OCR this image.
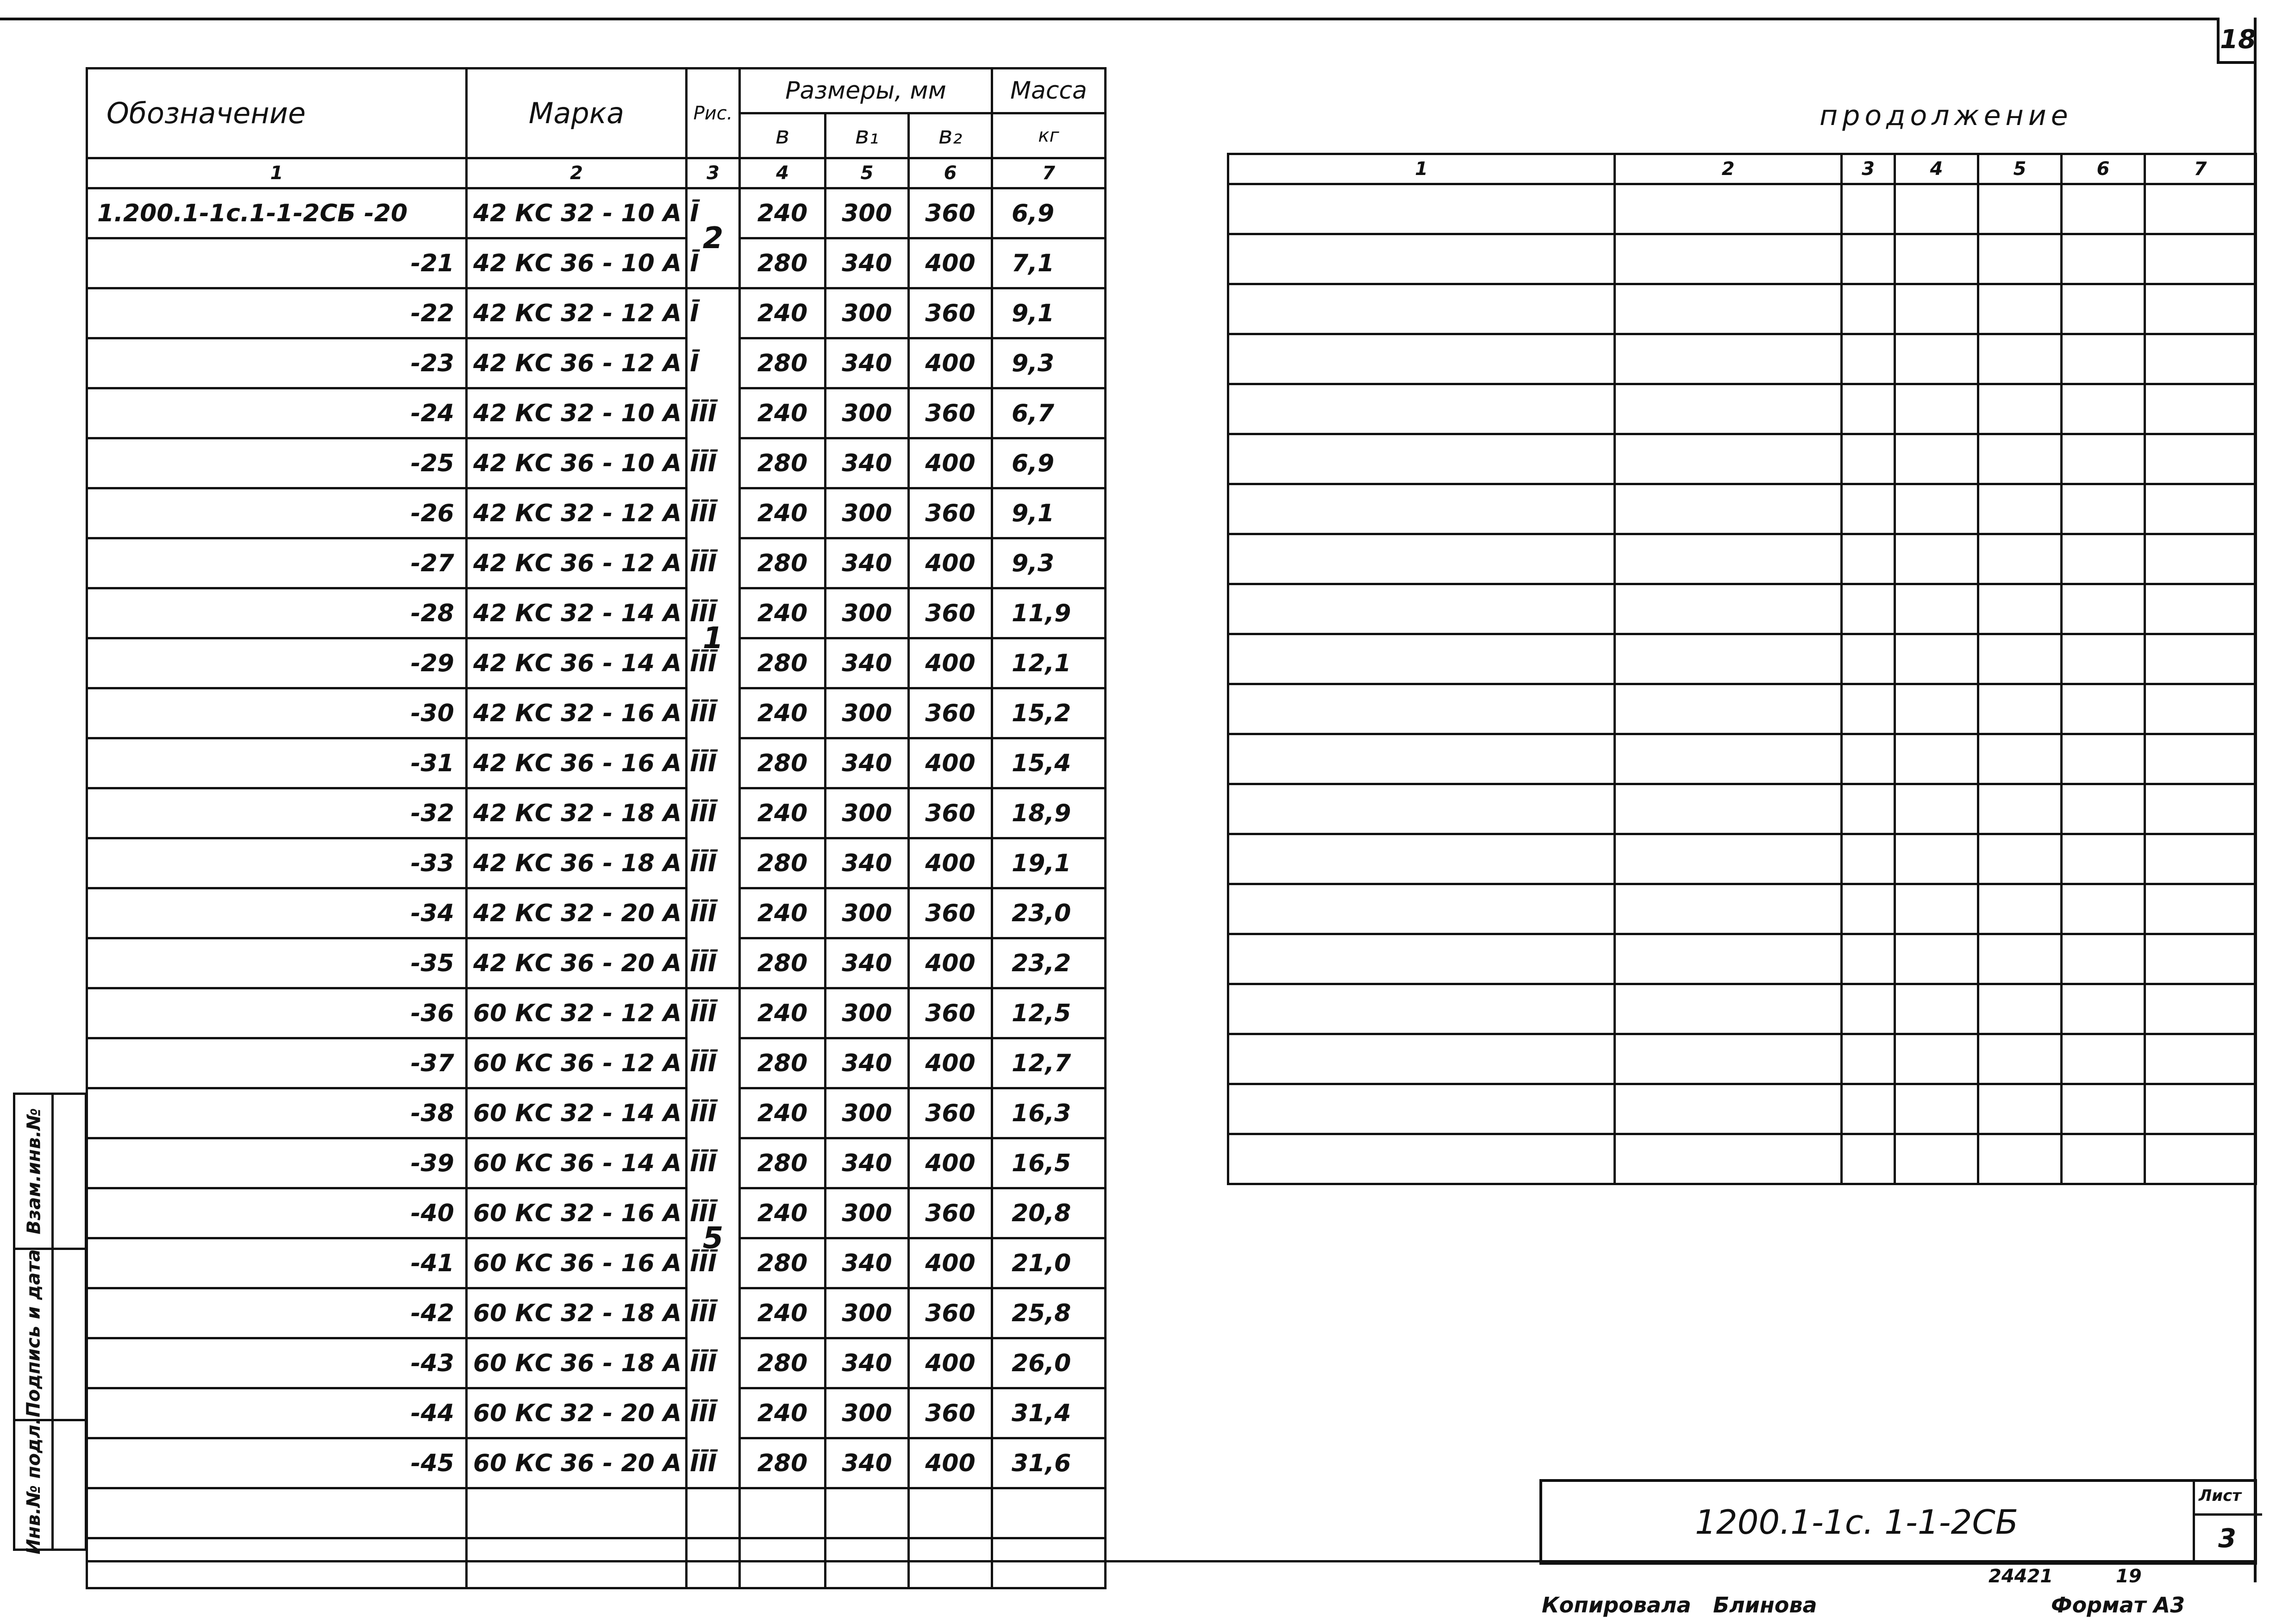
18
Обозначение	Марка	Рис.	Размеры, мм			Масса
			в	в₁	в₂	кг
1	2	3	4	5	6	7
1.200.1-1с.1-1-2СБ -20	42 КС 32 - 10 А Ī	2	240	300	360	6,9
-21	42 КС 36 - 10 А Ī		280	340	400	7,1
-22	42 КС 32 - 12 А Ī	1	240	300	360	9,1
-23	42 КС 36 - 12 А Ī		280	340	400	9,3
-24	42 КС 32 - 10 А ĪĪĪ		240	300	360	6,7
-25	42 КС 36 - 10 А ĪĪĪ		280	340	400	6,9
-26	42 КС 32 - 12 А ĪĪĪ		240	300	360	9,1
-27	42 КС 36 - 12 А ĪĪĪ		280	340	400	9,3
-28	42 КС 32 - 14 А ĪĪĪ		240	300	360	11,9
-29	42 КС 36 - 14 А ĪĪĪ		280	340	400	12,1
-30	42 КС 32 - 16 А ĪĪĪ		240	300	360	15,2
-31	42 КС 36 - 16 А ĪĪĪ		280	340	400	15,4
-32	42 КС 32 - 18 А ĪĪĪ		240	300	360	18,9
-33	42 КС 36 - 18 А ĪĪĪ		280	340	400	19,1
-34	42 КС 32 - 20 А ĪĪĪ		240	300	360	23,0
-35	42 КС 36 - 20 А ĪĪĪ		280	340	400	23,2
-36	60 КС 32 - 12 А ĪĪĪ	5	240	300	360	12,5
-37	60 КС 36 - 12 А ĪĪĪ		280	340	400	12,7
-38	60 КС 32 - 14 А ĪĪĪ		240	300	360	16,3
-39	60 КС 36 - 14 А ĪĪĪ		280	340	400	16,5
-40	60 КС 32 - 16 А ĪĪĪ		240	300	360	20,8
-41	60 КС 36 - 16 А ĪĪĪ		280	340	400	21,0
-42	60 КС 32 - 18 А ĪĪĪ		240	300	360	25,8
-43	60 КС 36 - 18 А ĪĪĪ		280	340	400	26,0
-44	60 КС 32 - 20 А ĪĪĪ		240	300	360	31,4
-45	60 КС 36 - 20 А ĪĪĪ		280	340	400	31,6

продолжение
1	2	3	4	5	6	7

Взам.инв.№
Подпись и дата
Инв.№ подл.	1200.1-1с. 1-1-2СБ
Лист
3
24421	19
Копировала Блинова	Формат А3
